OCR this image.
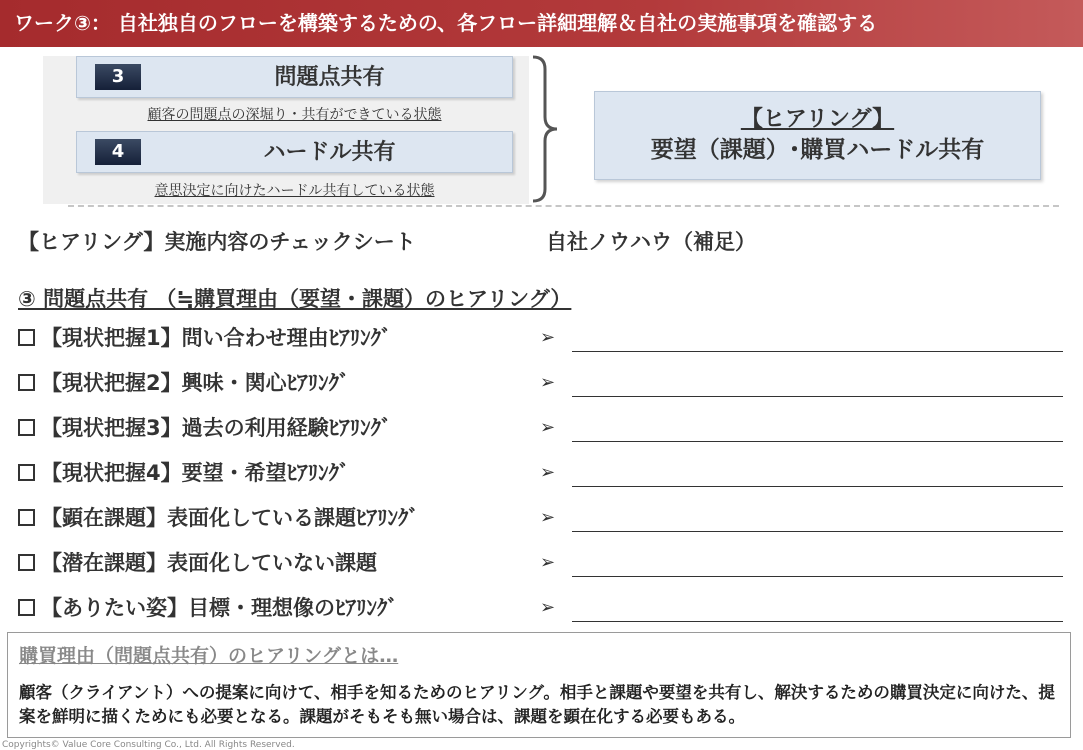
ワーク③： 自社独自のフローを構築するための、各フロー詳細理解＆自社の実施事項を確認する
3	問題点共有
顧客の問題点の深堀り・共有ができている状態
4	ハードル共有
意思決定に向けたハードル共有している状態
【ヒアリング】
要望（課題）･購買ハードル共有
【ヒアリング】実施内容のチェックシート	自社ノウハウ（補足）
③ 問題点共有 （≒購買理由（要望・課題）のヒアリング）
【現状把握1】問い合わせ理由ﾋｱﾘﾝｸﾞ	➢
【現状把握2】興味・関心ﾋｱﾘﾝｸﾞ	➢
【現状把握3】過去の利用経験ﾋｱﾘﾝｸﾞ	➢
【現状把握4】要望・希望ﾋｱﾘﾝｸﾞ	➢
【顕在課題】表面化している課題ﾋｱﾘﾝｸﾞ	➢
【潜在課題】表面化していない課題	➢
【ありたい姿】目標・理想像のﾋｱﾘﾝｸﾞ	➢
購買理由（問題点共有）のヒアリングとは…
顧客（クライアント）への提案に向けて、相手を知るためのヒアリング。相手と課題や要望を共有し、解決するための購買決定に向けた、提案を鮮明に描くためにも必要となる。課題がそもそも無い場合は、課題を顕在化する必要もある。
Copyrights© Value Core Consulting Co., Ltd. All Rights Reserved.
